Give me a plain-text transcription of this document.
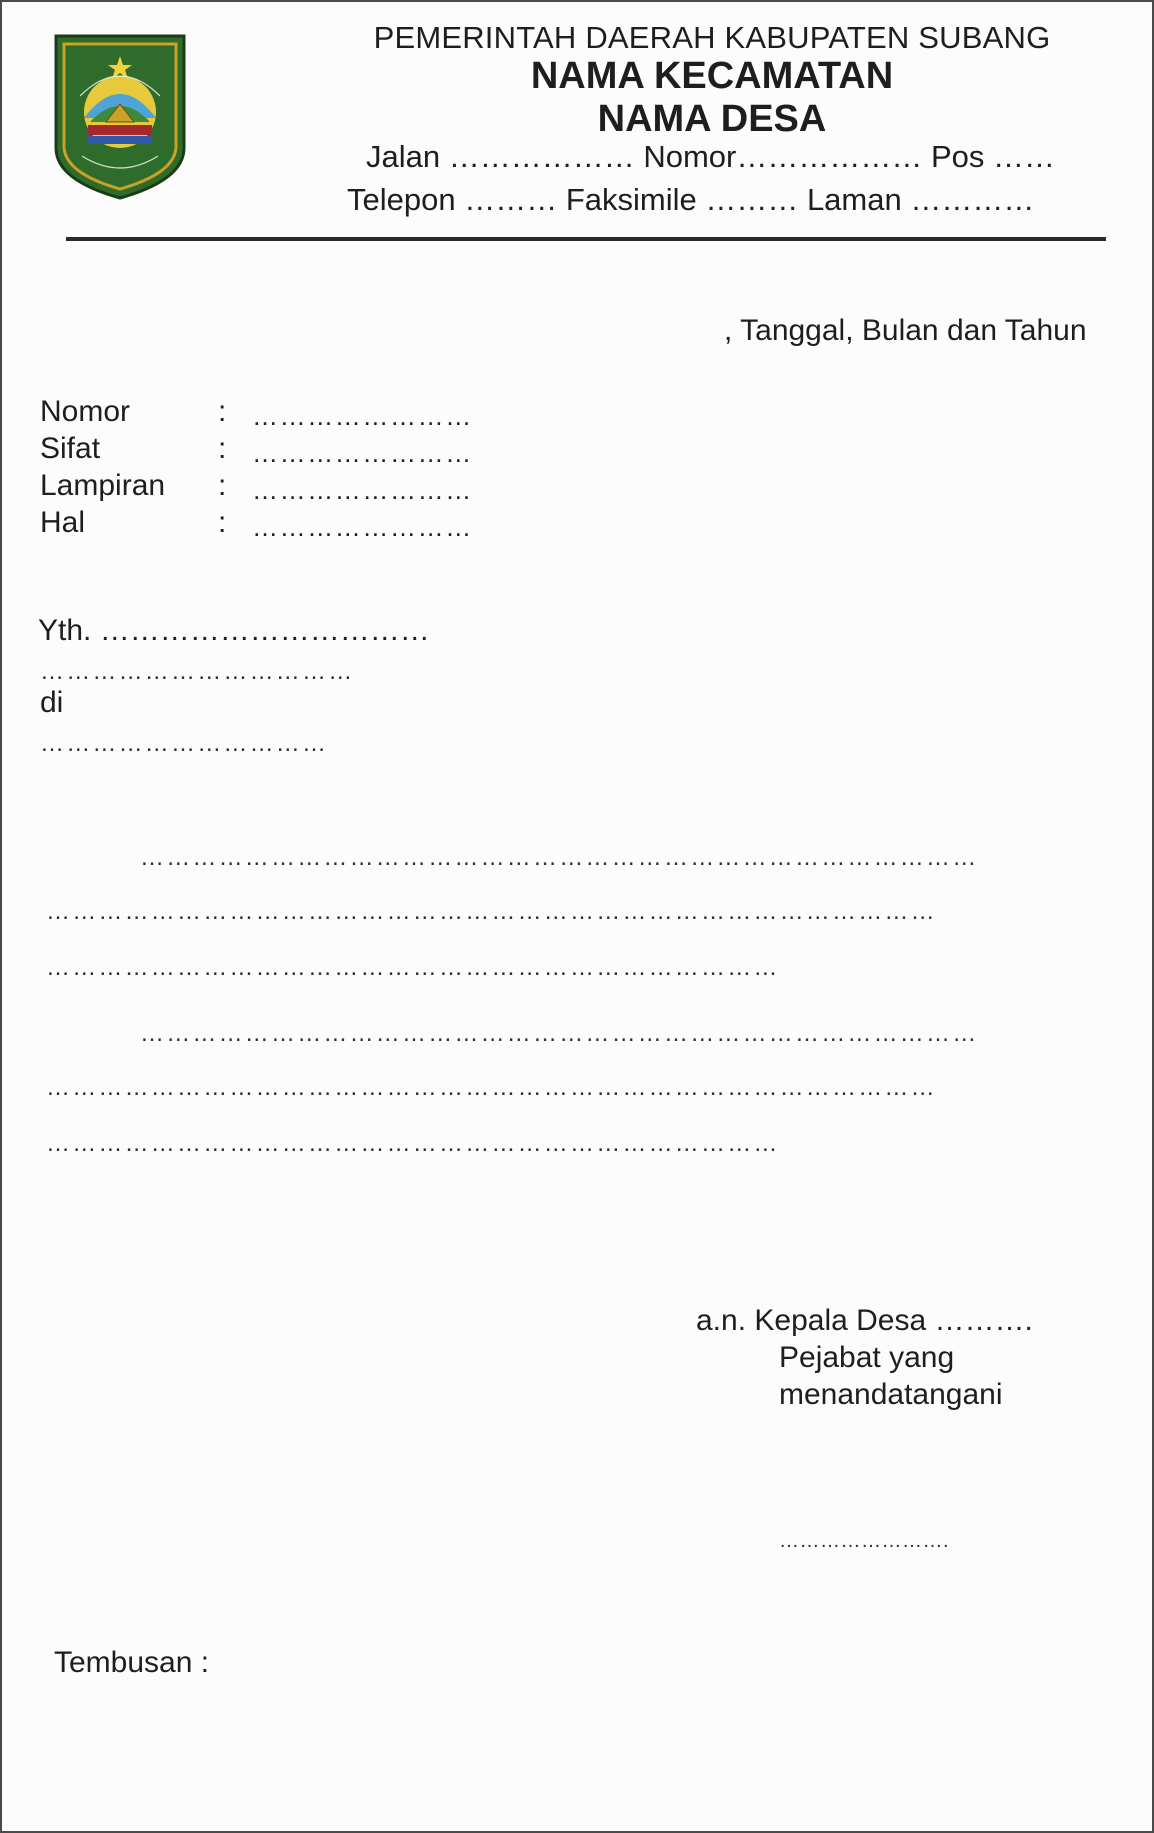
PEMERINTAH DAERAH KABUPATEN SUBANG
NAMA KECAMATAN
NAMA DESA
Jalan ……………… Nomor……………… Pos ……
Telepon ……… Faksimile ……… Laman …………
, Tanggal, Bulan dan Tahun
Nomor	: ……………………
Sifat	: ……………………
Lampiran : ……………………
Hal	: ……………………
Yth. ……………………………
………………………………
di
……………………………
……………………………………………………………………………………
…………………………………………………………………………………………
…………………………………………………………………………
……………………………………………………………………………………
…………………………………………………………………………………………
…………………………………………………………………………
a.n. Kepala Desa ……….
Pejabat yang
menandatangani
…………………….
Tembusan :
